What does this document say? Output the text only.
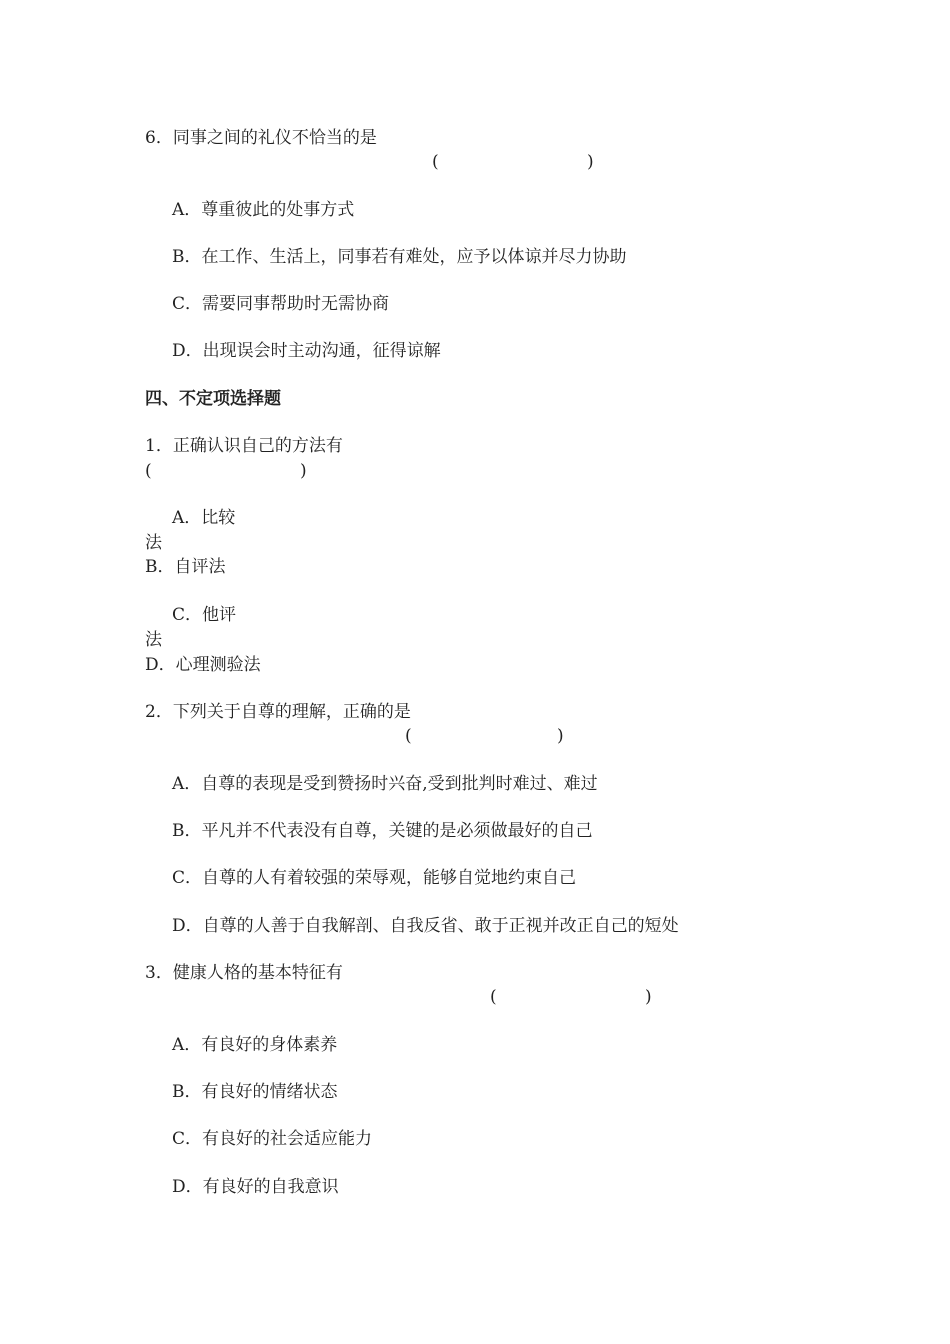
6．同事之间的礼仪不恰当的是
(	)
A．尊重彼此的处事方式
B．在工作、生活上，同事若有难处，应予以体谅并尽力协助
C．需要同事帮助时无需协商
D．出现误会时主动沟通，征得谅解
四、不定项选择题
1．正确认识自己的方法有
(	)
A．比较
法
B．自评法
C．他评
法
D．心理测验法
2．下列关于自尊的理解，正确的是
(	)
A．自尊的表现是受到赞扬时兴奋,受到批判时难过、难过
B．平凡并不代表没有自尊，关键的是必须做最好的自己
C．自尊的人有着较强的荣辱观，能够自觉地约束自己
D．自尊的人善于自我解剖、自我反省、敢于正视并改正自己的短处
3．健康人格的基本特征有
(	)
A．有良好的身体素养
B．有良好的情绪状态
C．有良好的社会适应能力
D．有良好的自我意识
